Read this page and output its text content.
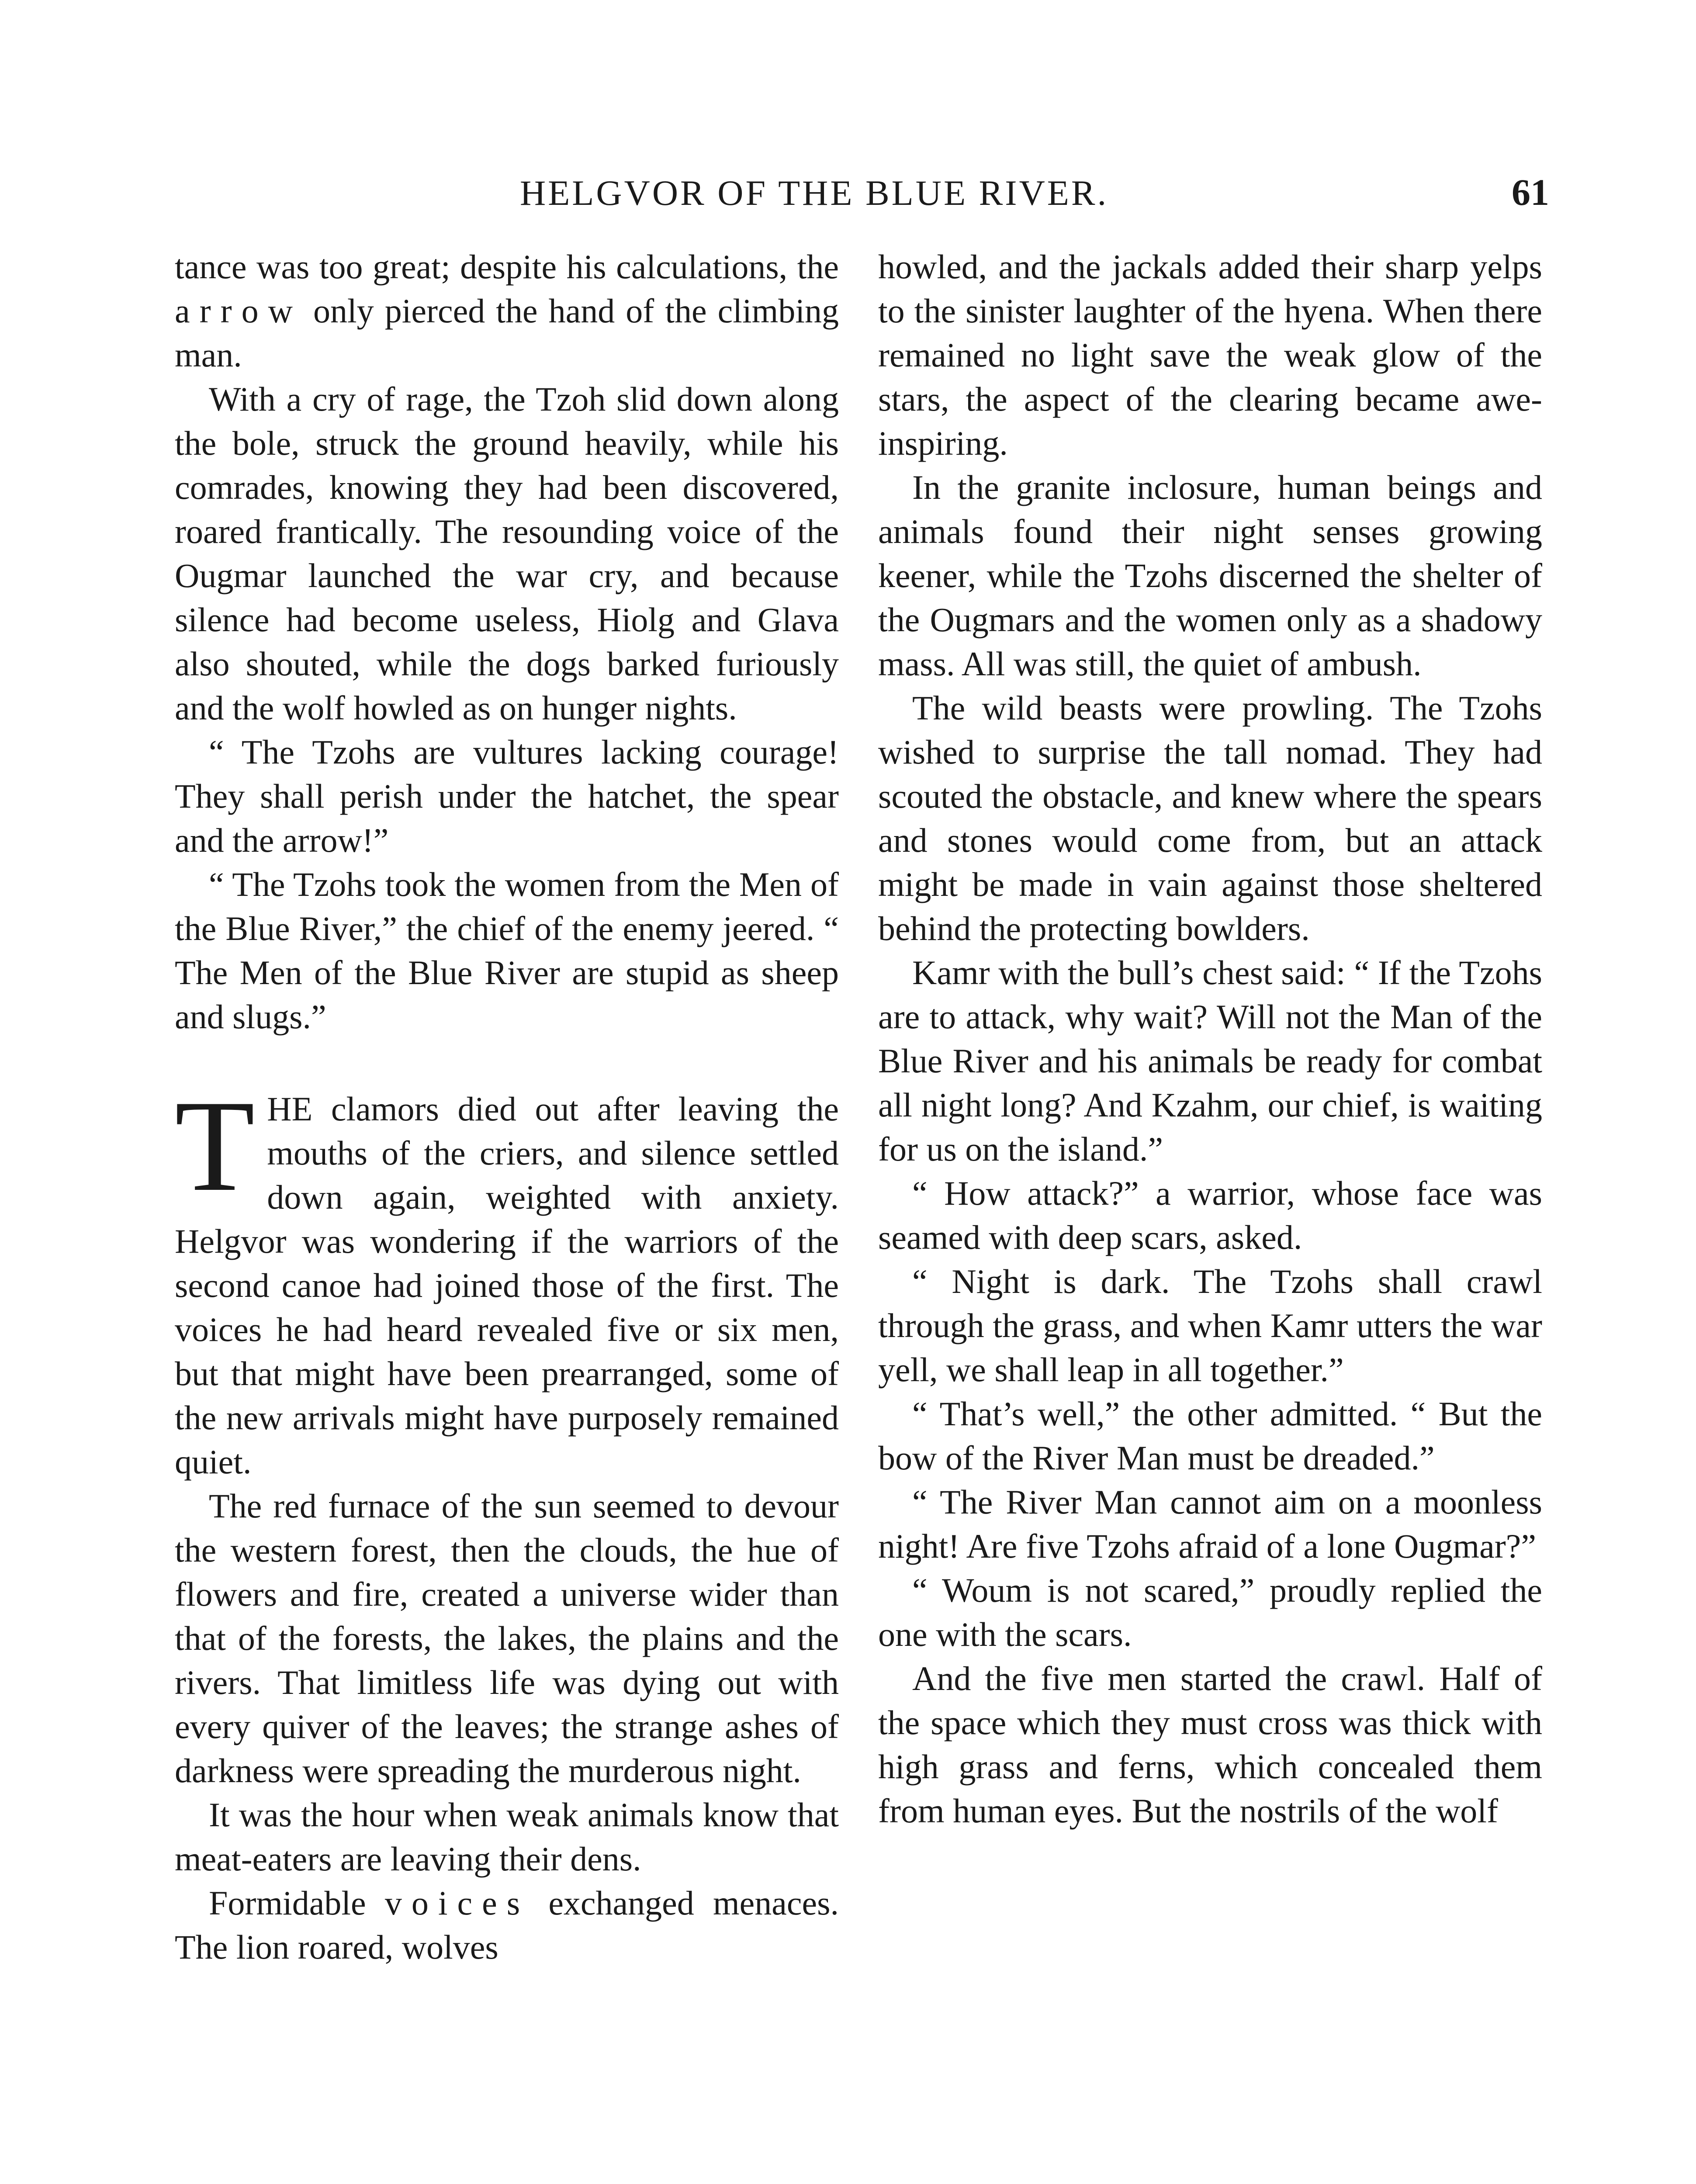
HELGVOR OF THE BLUE RIVER.	61

tance was too great; despite his calculations, the arrow only pierced the hand of the climbing man.

With a cry of rage, the Tzoh slid down along the bole, struck the ground heavily, while his comrades, knowing they had been discovered, roared frantically. The resounding voice of the Ougmar launched the war cry, and because silence had become useless, Hiolg and Glava also shouted, while the dogs barked furiously and the wolf howled as on hunger nights.

“ The Tzohs are vultures lacking courage! They shall perish under the hatchet, the spear and the arrow!”

“ The Tzohs took the women from the Men of the Blue River,” the chief of the enemy jeered. “ The Men of the Blue River are stupid as sheep and slugs.”

THE clamors died out after leaving the mouths of the criers, and silence settled down again, weighted with anxiety. Helgvor was wondering if the warriors of the second canoe had joined those of the first. The voices he had heard revealed five or six men, but that might have been prearranged, some of the new arrivals might have purposely remained quiet.

The red furnace of the sun seemed to devour the western forest, then the clouds, the hue of flowers and fire, created a universe wider than that of the forests, the lakes, the plains and the rivers. That limitless life was dying out with every quiver of the leaves; the strange ashes of darkness were spreading the murderous night.

It was the hour when weak animals know that meat-eaters are leaving their dens.

Formidable voices exchanged menaces. The lion roared, wolves

howled, and the jackals added their sharp yelps to the sinister laughter of the hyena. When there remained no light save the weak glow of the stars, the aspect of the clearing became awe-inspiring.

In the granite inclosure, human beings and animals found their night senses growing keener, while the Tzohs discerned the shelter of the Ougmars and the women only as a shadowy mass. All was still, the quiet of ambush.

The wild beasts were prowling. The Tzohs wished to surprise the tall nomad. They had scouted the obstacle, and knew where the spears and stones would come from, but an attack might be made in vain against those sheltered behind the protecting bowlders.

Kamr with the bull’s chest said: “ If the Tzohs are to attack, why wait? Will not the Man of the Blue River and his animals be ready for combat all night long? And Kzahm, our chief, is waiting for us on the island.”

“ How attack?” a warrior, whose face was seamed with deep scars, asked.

“ Night is dark. The Tzohs shall crawl through the grass, and when Kamr utters the war yell, we shall leap in all together.”

“ That’s well,” the other admitted. “ But the bow of the River Man must be dreaded.”

“ The River Man cannot aim on a moonless night! Are five Tzohs afraid of a lone Ougmar?”

“ Woum is not scared,” proudly replied the one with the scars.

And the five men started the crawl. Half of the space which they must cross was thick with high grass and ferns, which concealed them from human eyes. But the nostrils of the wolf
